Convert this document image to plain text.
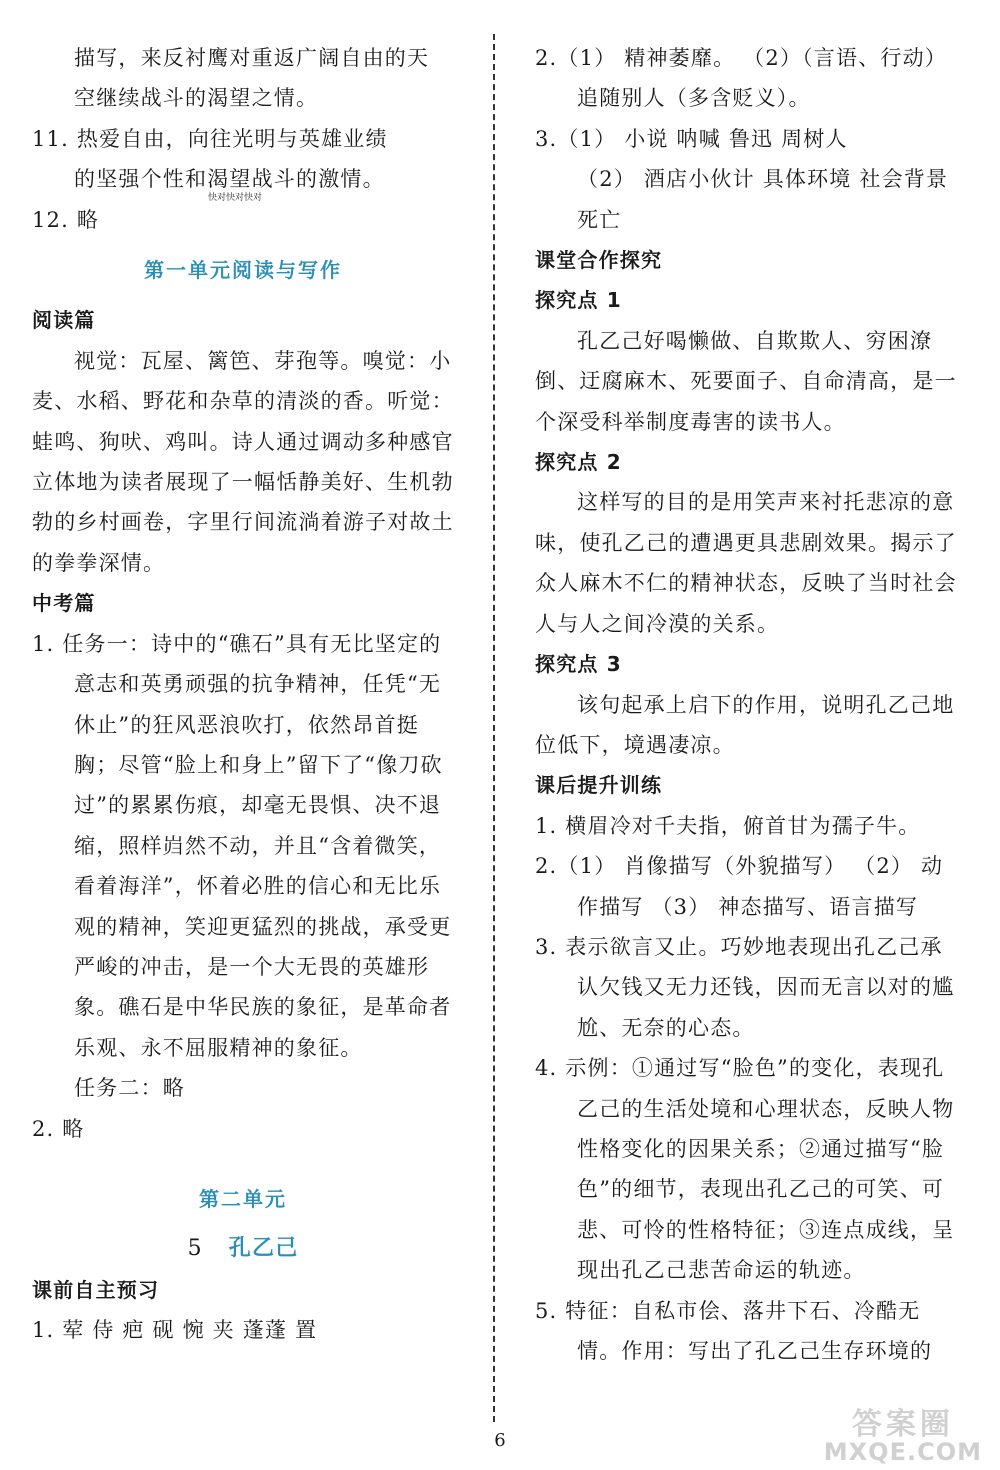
描写，来反衬鹰对重返广阔自由的天

空继续战斗的渴望之情。

11. 热爱自由，向往光明与英雄业绩

的坚强个性和渴望战斗的激情。

12. 略

第一单元阅读与写作

阅读篇

视觉：瓦屋、篱笆、芽孢等。嗅觉：小麦、水稻、野花和杂草的清淡的香。听觉：蛙鸣、狗吠、鸡叫。诗人通过调动多种感官立体地为读者展现了一幅恬静美好、生机勃勃的乡村画卷，字里行间流淌着游子对故土的拳拳深情。

中考篇

1. 任务一：诗中的“礁石”具有无比坚定的意志和英勇顽强的抗争精神，任凭“无休止”的狂风恶浪吹打，依然昂首挺胸；尽管“脸上和身上”留下了“像刀砍过”的累累伤痕，却毫无畏惧、决不退缩，照样岿然不动，并且“含着微笑，看着海洋”，怀着必胜的信心和无比乐观的精神，笑迎更猛烈的挑战，承受更严峻的冲击，是一个大无畏的英雄形象。礁石是中华民族的象征，是革命者乐观、永不屈服精神的象征。

任务二：略

2. 略

第二单元

5 孔乙己

课前自主预习

1. 荤 侍 疤 砚 惋 夹 蓬蓬 置

2.（1） 精神萎靡。 （2）（言语、行动）

追随别人（多含贬义）。

3.（1） 小说 呐喊 鲁迅 周树人

（2） 酒店小伙计 具体环境 社会背景 死亡

课堂合作探究

探究点 1

孔乙己好喝懒做、自欺欺人、穷困潦倒、迂腐麻木、死要面子、自命清高，是一个深受科举制度毒害的读书人。

探究点 2

这样写的目的是用笑声来衬托悲凉的意味，使孔乙己的遭遇更具悲剧效果。揭示了众人麻木不仁的精神状态，反映了当时社会人与人之间冷漠的关系。

探究点 3

该句起承上启下的作用，说明孔乙己地位低下，境遇凄凉。

课后提升训练

1. 横眉冷对千夫指，俯首甘为孺子牛。

2.（1） 肖像描写（外貌描写） （2） 动作描写 （3） 神态描写、语言描写

3. 表示欲言又止。巧妙地表现出孔乙己承认欠钱又无力还钱，因而无言以对的尴尬、无奈的心态。

4. 示例：①通过写“脸色”的变化，表现孔乙己的生活处境和心理状态，反映人物性格变化的因果关系；②通过描写“脸色”的细节，表现出孔乙己的可笑、可悲、可怜的性格特征；③连点成线，呈现出孔乙己悲苦命运的轨迹。

5. 特征：自私市侩、落井下石、冷酷无情。作用：写出了孔乙己生存环境的

快对快对快对
6	答案圈
MXQE.COM
